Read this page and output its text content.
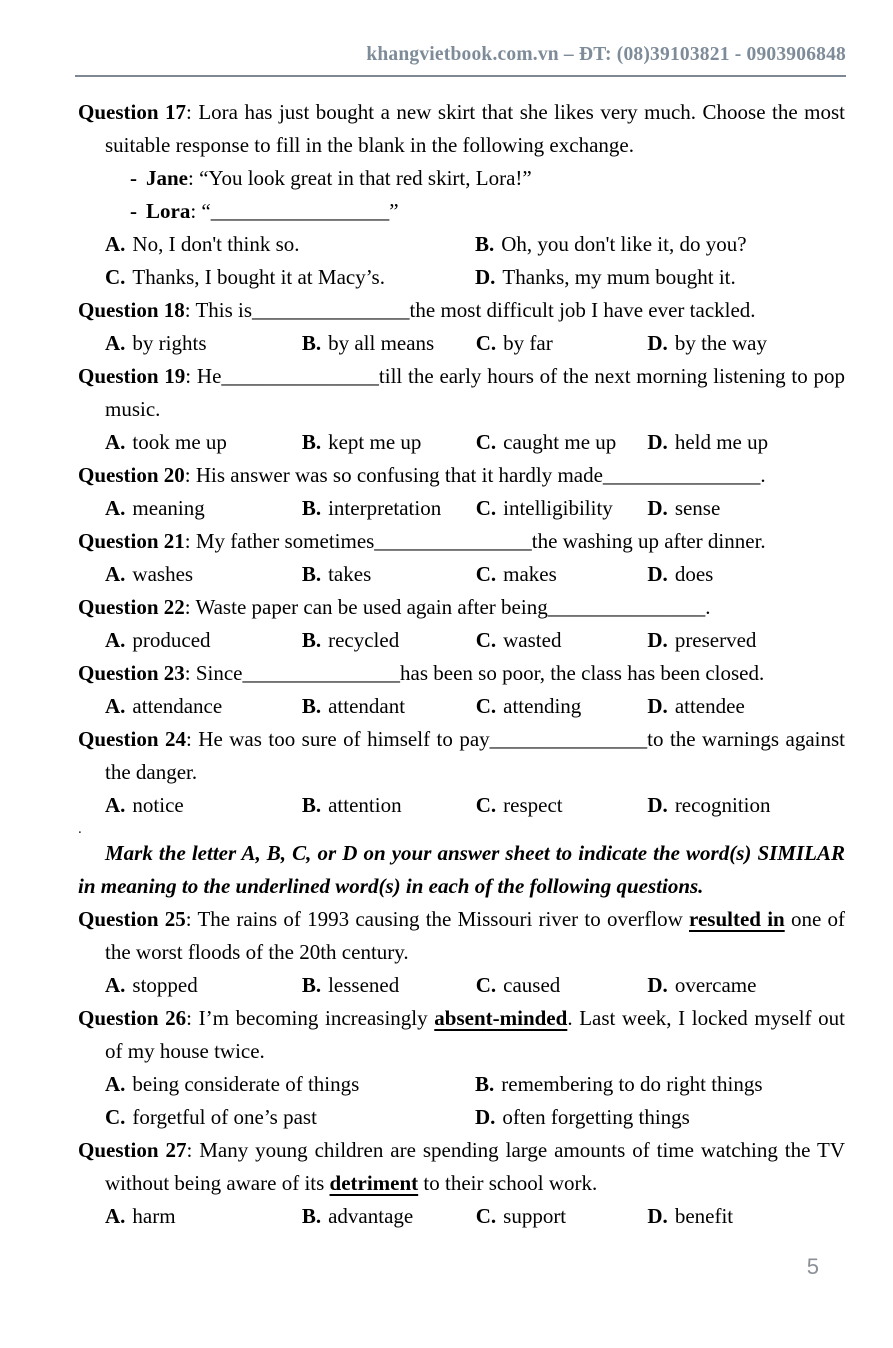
khangvietbook.com.vn – ĐT: (08)39103821 - 0903906848

Question 17: Lora has just bought a new skirt that she likes very much. Choose the most suitable response to fill in the blank in the following exchange.

- Jane: “You look great in that red skirt, Lora!”

- Lora: “_________________”

A. No, I don't think so.	B. Oh, you don't like it, do you?
C. Thanks, I bought it at Macy’s.	D. Thanks, my mum bought it.

Question 18: This is_______________the most difficult job I have ever tackled.

A. by rights	B. by all means	C. by far	D. by the way

Question 19: He_______________till the early hours of the next morning listening to pop music.

A. took me up	B. kept me up	C. caught me up	D. held me up

Question 20: His answer was so confusing that it hardly made_______________.

A. meaning	B. interpretation	C. intelligibility	D. sense

Question 21: My father sometimes_______________the washing up after dinner.

A. washes	B. takes	C. makes	D. does

Question 22: Waste paper can be used again after being_______________.

A. produced	B. recycled	C. wasted	D. preserved

Question 23: Since_______________has been so poor, the class has been closed.

A. attendance	B. attendant	C. attending	D. attendee

Question 24: He was too sure of himself to pay_______________to the warnings against the danger.

A. notice	B. attention	C. respect	D. recognition
.

Mark the letter A, B, C, or D on your answer sheet to indicate the word(s) SIMILAR in meaning to the underlined word(s) in each of the following questions.

Question 25: The rains of 1993 causing the Missouri river to overflow resulted in one of the worst floods of the 20th century.

A. stopped	B. lessened	C. caused	D. overcame

Question 26: I’m becoming increasingly absent-minded. Last week, I locked myself out of my house twice.

A. being considerate of things	B. remembering to do right things
C. forgetful of one’s past	D. often forgetting things

Question 27: Many young children are spending large amounts of time watching the TV without being aware of its detriment to their school work.

A. harm	B. advantage	C. support	D. benefit
5
